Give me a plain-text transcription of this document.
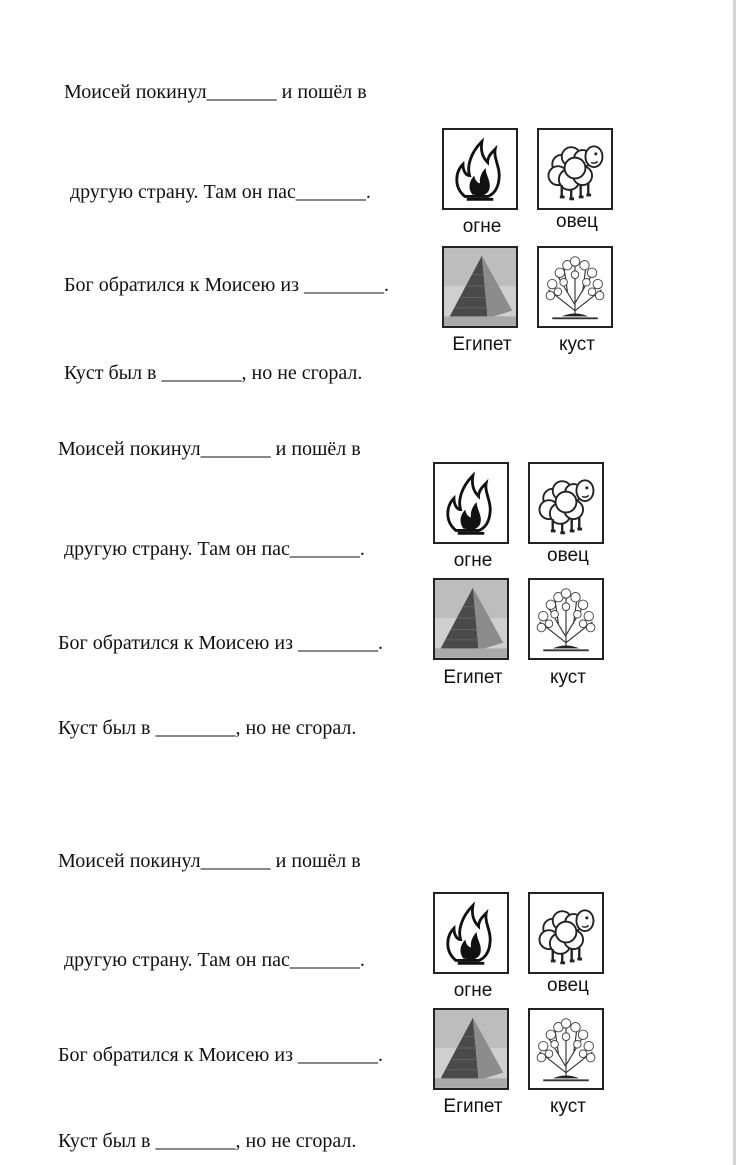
Моисей покинул_______ и пошёл в
другую страну. Там он пас_______.
Бог обратился к Моисею из ________.
Куст был в ________, но не сгорал.
огне	овец
Египет	куст
Моисей покинул_______ и пошёл в
другую страну. Там он пас_______.
Бог обратился к Моисею из ________.
Куст был в ________, но не сгорал.
огне	овец
Египет	куст
Моисей покинул_______ и пошёл в
другую страну. Там он пас_______.
Бог обратился к Моисею из ________.
Куст был в ________, но не сгорал.
огне	овец
Египет	куст
